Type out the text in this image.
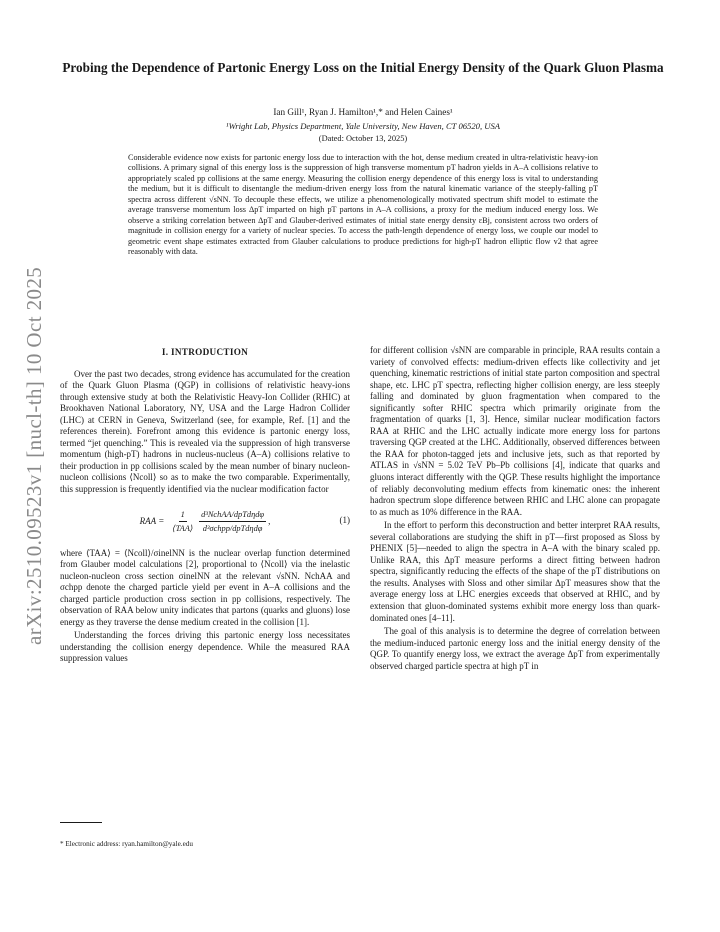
arXiv:2510.09523v1 [nucl-th] 10 Oct 2025
Probing the Dependence of Partonic Energy Loss on the Initial Energy Density of the Quark Gluon Plasma
Ian Gill¹, Ryan J. Hamilton¹,* and Helen Caines¹
¹Wright Lab, Physics Department, Yale University, New Haven, CT 06520, USA
(Dated: October 13, 2025)
Considerable evidence now exists for partonic energy loss due to interaction with the hot, dense medium created in ultra-relativistic heavy-ion collisions. A primary signal of this energy loss is the suppression of high transverse momentum pT hadron yields in A–A collisions relative to appropriately scaled pp collisions at the same energy. Measuring the collision energy dependence of this energy loss is vital to understanding the medium, but it is difficult to disentangle the medium-driven energy loss from the natural kinematic variance of the steeply-falling pT spectra across different √sNN. To decouple these effects, we utilize a phenomenologically motivated spectrum shift model to estimate the average transverse momentum loss ΔpT imparted on high pT partons in A–A collisions, a proxy for the medium induced energy loss. We observe a striking correlation between ΔpT and Glauber-derived estimates of initial state energy density εBj, consistent across two orders of magnitude in collision energy for a variety of nuclear species. To access the path-length dependence of energy loss, we couple our model to geometric event shape estimates extracted from Glauber calculations to produce predictions for high-pT hadron elliptic flow v2 that agree reasonably with data.
I. INTRODUCTION

Over the past two decades, strong evidence has accumulated for the creation of the Quark Gluon Plasma (QGP) in collisions of relativistic heavy-ions through extensive study at both the Relativistic Heavy-Ion Collider (RHIC) at Brookhaven National Laboratory, NY, USA and the Large Hadron Collider (LHC) at CERN in Geneva, Switzerland (see, for example, Ref. [1] and the references therein). Forefront among this evidence is partonic energy loss, termed “jet quenching.” This is revealed via the suppression of high transverse momentum (high-pT) hadrons in nucleus-nucleus (A–A) collisions relative to their production in pp collisions scaled by the mean number of binary nucleon-nucleon collisions ⟨Ncoll⟩ so as to make the two comparable. Experimentally, this suppression is frequently identified via the nuclear modification factor

RAA = $\frac{1}{\text{⟨TAA⟩}} \frac{\text{d³NchAA/dpTdηdφ}}{\text{d³σchpp/dpTdηdφ}}$ ,	(1)

where ⟨TAA⟩ = ⟨Ncoll⟩/σinelNN is the nuclear overlap function determined from Glauber model calculations [2], proportional to ⟨Ncoll⟩ via the inelastic nucleon-nucleon cross section σinelNN at the relevant √sNN. NchAA and σchpp denote the charged particle yield per event in A–A collisions and the charged particle production cross section in pp collisions, respectively. The observation of RAA below unity indicates that partons (quarks and gluons) lose energy as they traverse the dense medium created in the collision [1].

Understanding the forces driving this partonic energy loss necessitates understanding the collision energy dependence. While the measured RAA suppression values

for different collision √sNN are comparable in principle, RAA results contain a variety of convolved effects: medium-driven effects like collectivity and jet quenching, kinematic restrictions of initial state parton composition and spectral shape, etc. LHC pT spectra, reflecting higher collision energy, are less steeply falling and dominated by gluon fragmentation when compared to the significantly softer RHIC spectra which primarily originate from the fragmentation of quarks [1, 3]. Hence, similar nuclear modification factors RAA at RHIC and the LHC actually indicate more energy loss for partons traversing QGP created at the LHC. Additionally, observed differences between the RAA for photon-tagged jets and inclusive jets, such as that reported by ATLAS in √sNN = 5.02 TeV Pb–Pb collisions [4], indicate that quarks and gluons interact differently with the QGP. These results highlight the importance of reliably deconvoluting medium effects from kinematic ones: the inherent hadron spectrum slope difference between RHIC and LHC alone can propagate to as much as 10% difference in the RAA.

In the effort to perform this deconstruction and better interpret RAA results, several collaborations are studying the shift in pT—first proposed as Sloss by PHENIX [5]—needed to align the spectra in A–A with the binary scaled pp. Unlike RAA, this ΔpT measure performs a direct fitting between hadron spectra, significantly reducing the effects of the shape of the pT distributions on the results. Analyses with Sloss and other similar ΔpT measures show that the average energy loss at LHC energies exceeds that observed at RHIC, and by extension that gluon-dominated systems exhibit more energy loss than quark-dominated ones [4–11].

The goal of this analysis is to determine the degree of correlation between the medium-induced partonic energy loss and the initial energy density of the QGP. To quantify energy loss, we extract the average ΔpT from experimentally observed charged particle spectra at high pT in

* Electronic address: ryan.hamilton@yale.edu
